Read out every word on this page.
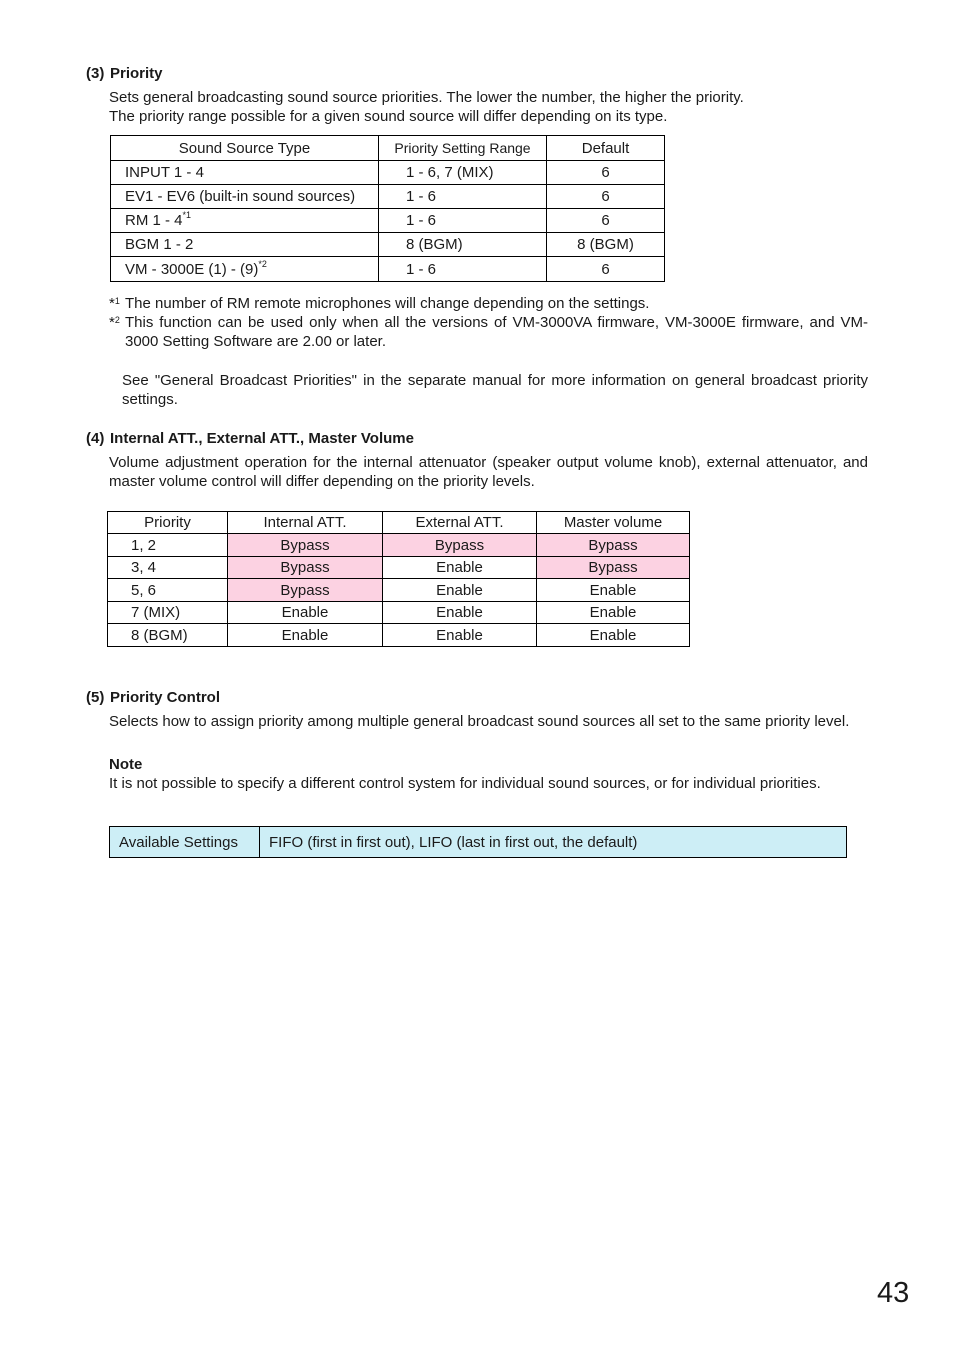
(3) Priority
Sets general broadcasting sound source priorities. The lower the number, the higher the priority.
The priority range possible for a given sound source will differ depending on its type.
Sound Source Type	Priority Setting Range	Default
INPUT 1 - 4	1 - 6, 7 (MIX)	6
EV1 - EV6 (built-in sound sources)	1 - 6	6
RM 1 - 4$^{*1}$	1 - 6	6
BGM 1 - 2	8 (BGM)	8 (BGM)
VM - 3000E $(1) - (9)^{*2}$	1 - 6	6
*$^1$ The number of RM remote microphones will change depending on the settings.
*$^2$ This function can be used only when all the versions of VM-3000VA firmware, VM-3000E firmware, and VM-3000 Setting Software are 2.00 or later.
See "General Broadcast Priorities" in the separate manual for more information on general broadcast priority settings.
(4) Internal ATT., External ATT., Master Volume
Volume adjustment operation for the internal attenuator (speaker output volume knob), external attenuator, and master volume control will differ depending on the priority levels.
Priority	Internal ATT.	External ATT.	Master volume
1, 2	Bypass	Bypass	Bypass
3, 4	Bypass	Enable	Bypass
5, 6	Bypass	Enable	Enable
7 (MIX)	Enable	Enable	Enable
8 (BGM)	Enable	Enable	Enable
(5) Priority Control
Selects how to assign priority among multiple general broadcast sound sources all set to the same priority level.
Note
It is not possible to specify a different control system for individual sound sources, or for individual priorities.
Available Settings	FIFO (first in first out), LIFO (last in first out, the default)
43
